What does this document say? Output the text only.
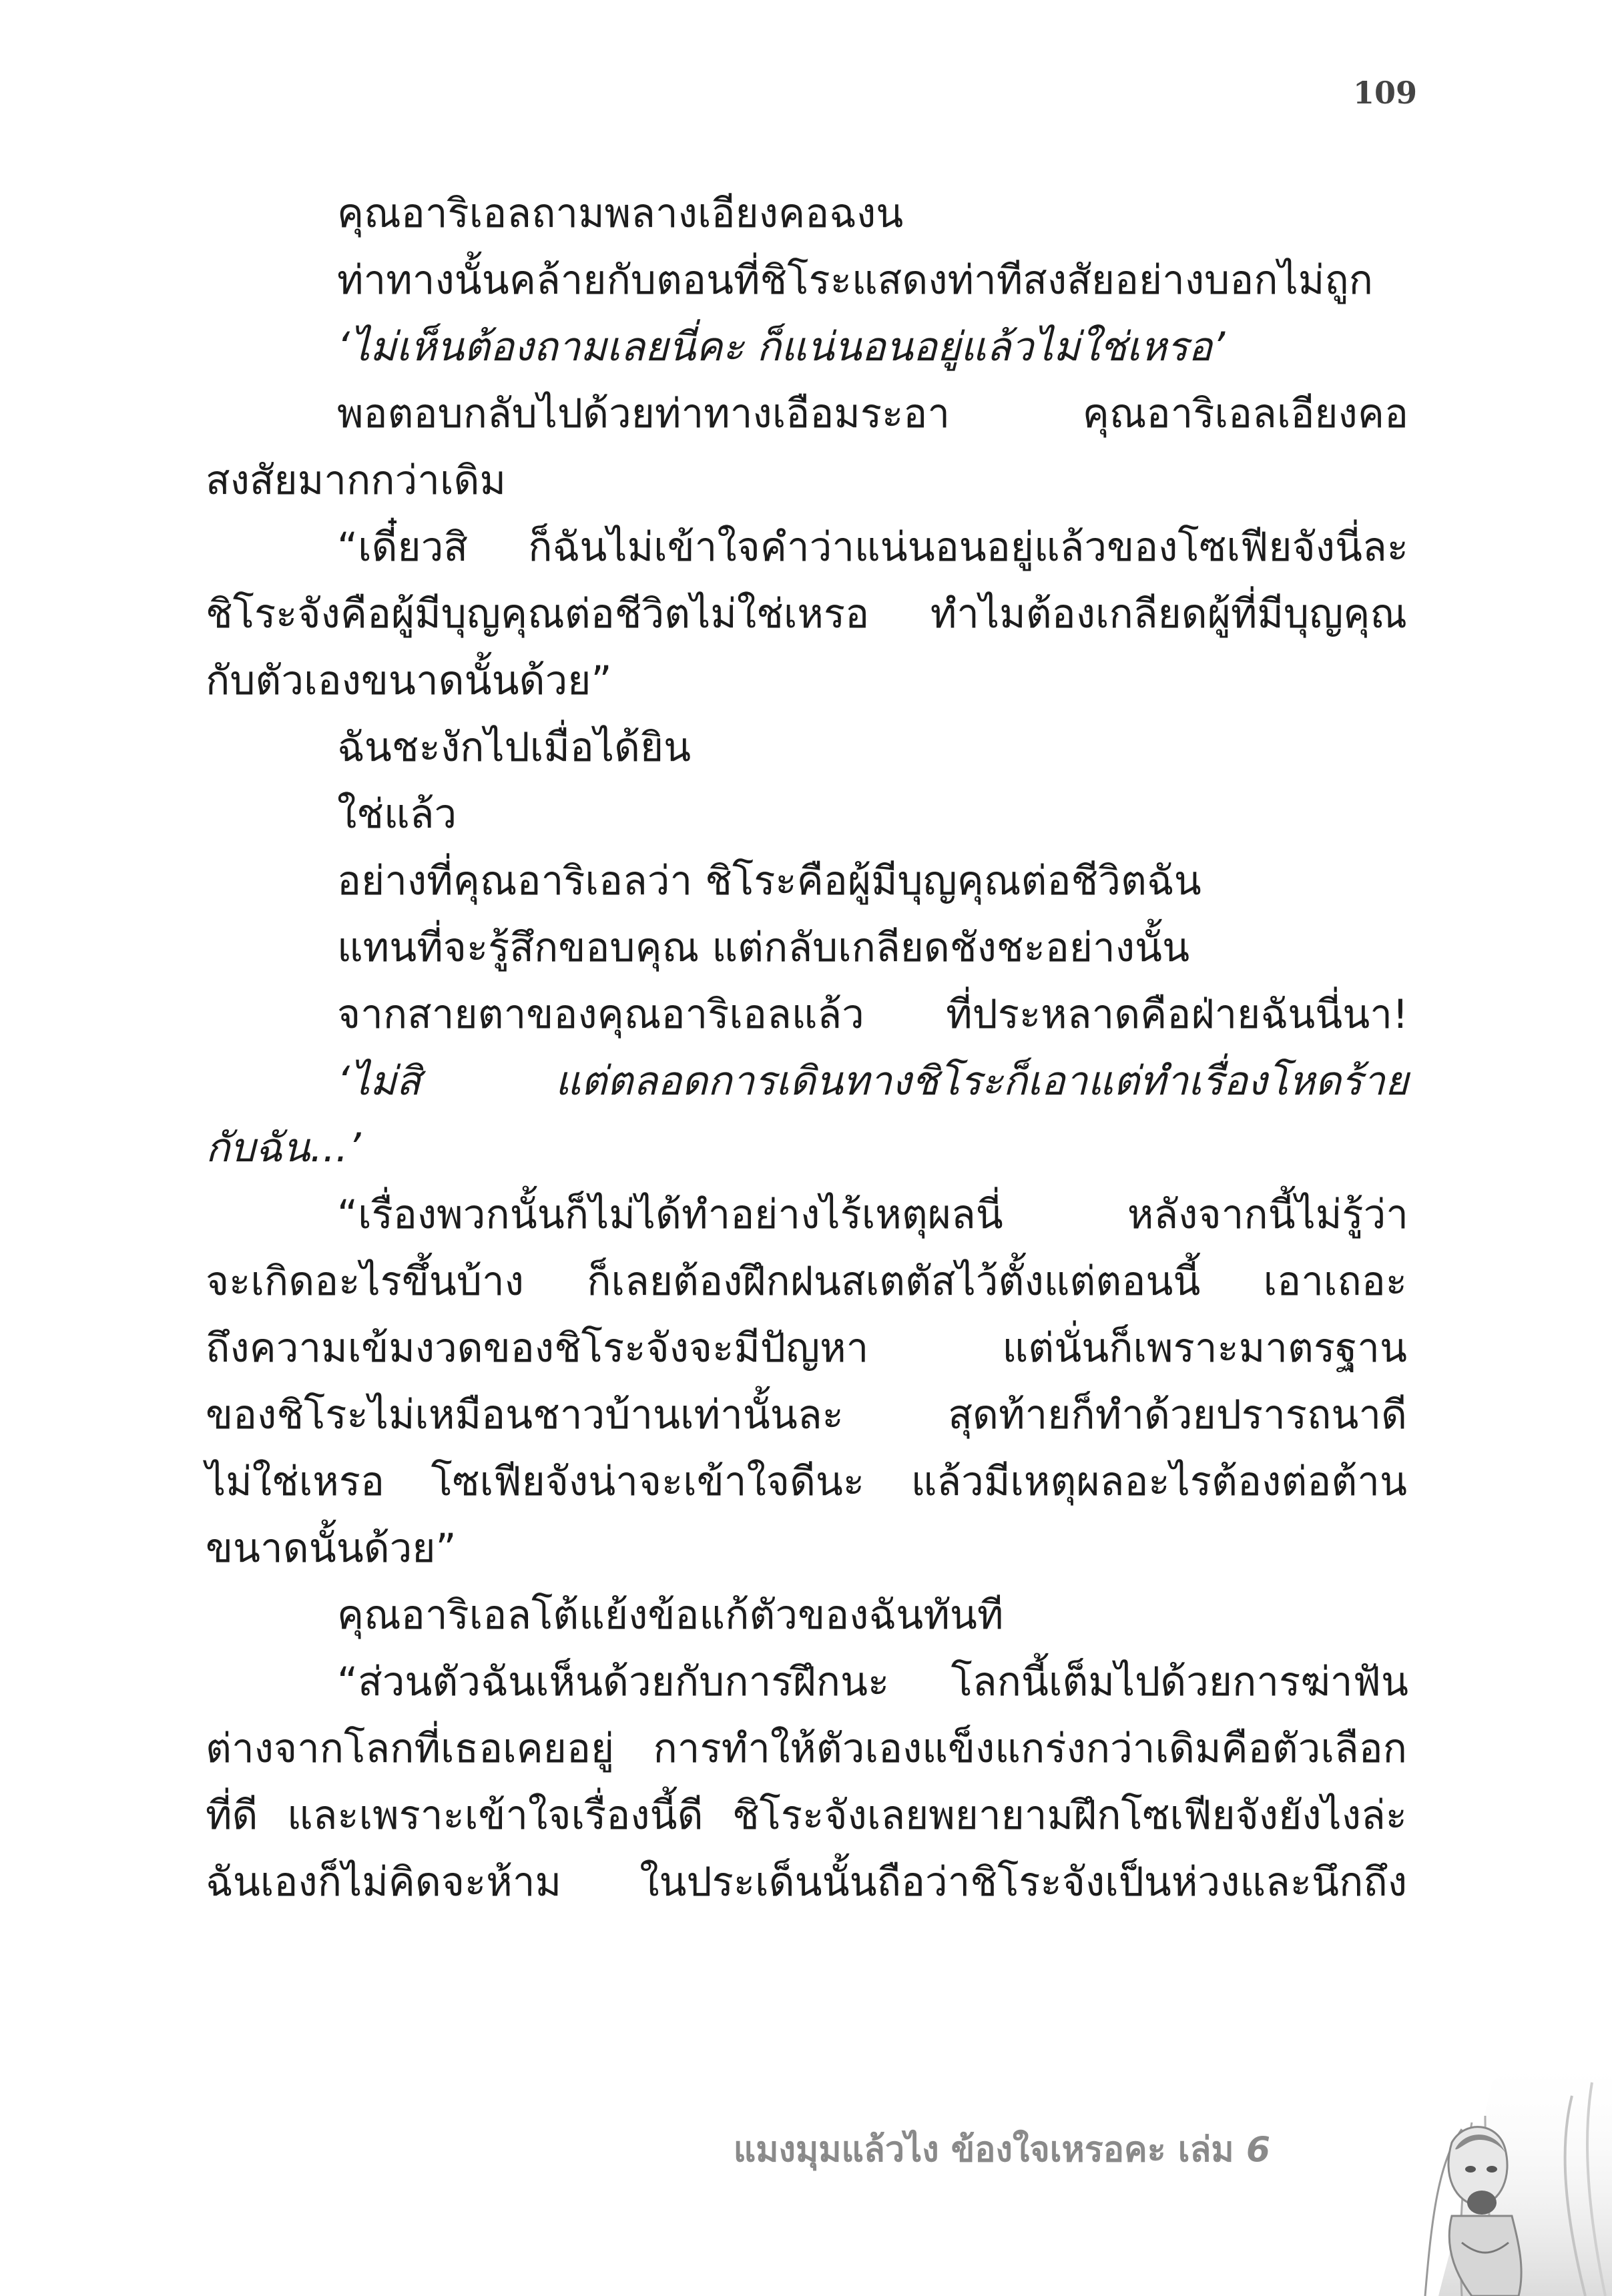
109
คุณอาริเอลถามพลางเอียงคอฉงน
ท่าทางนั้นคล้ายกับตอนที่ชิโระแสดงท่าทีสงสัยอย่างบอกไม่ถูก
‘ไม่เห็นต้องถามเลยนี่คะ ก็แน่นอนอยู่แล้วไม่ใช่เหรอ’
พอตอบกลับไปด้วยท่าทางเอือมระอา คุณอาริเอลเอียงคอ
สงสัยมากกว่าเดิม
“เดี๋ยวสิ ก็ฉันไม่เข้าใจคำว่าแน่นอนอยู่แล้วของโซเฟียจังนี่ละ
ชิโระจังคือผู้มีบุญคุณต่อชีวิตไม่ใช่เหรอ ทำไมต้องเกลียดผู้ที่มีบุญคุณ
กับตัวเองขนาดนั้นด้วย”
ฉันชะงักไปเมื่อได้ยิน
ใช่แล้ว
อย่างที่คุณอาริเอลว่า ชิโระคือผู้มีบุญคุณต่อชีวิตฉัน
แทนที่จะรู้สึกขอบคุณ แต่กลับเกลียดชังชะอย่างนั้น
จากสายตาของคุณอาริเอลแล้ว ที่ประหลาดคือฝ่ายฉันนี่นา!
‘ไม่สิ แต่ตลอดการเดินทางชิโระก็เอาแต่ทำเรื่องโหดร้าย
กับฉัน...’
“เรื่องพวกนั้นก็ไม่ได้ทำอย่างไร้เหตุผลนี่ หลังจากนี้ไม่รู้ว่า
จะเกิดอะไรขึ้นบ้าง ก็เลยต้องฝึกฝนสเตตัสไว้ตั้งแต่ตอนนี้ เอาเถอะ
ถึงความเข้มงวดของชิโระจังจะมีปัญหา แต่นั่นก็เพราะมาตรฐาน
ของชิโระไม่เหมือนชาวบ้านเท่านั้นละ สุดท้ายก็ทำด้วยปรารถนาดี
ไม่ใช่เหรอ โซเฟียจังน่าจะเข้าใจดีนะ แล้วมีเหตุผลอะไรต้องต่อต้าน
ขนาดนั้นด้วย”
คุณอาริเอลโต้แย้งข้อแก้ตัวของฉันทันที
“ส่วนตัวฉันเห็นด้วยกับการฝึกนะ โลกนี้เต็มไปด้วยการฆ่าฟัน
ต่างจากโลกที่เธอเคยอยู่ การทำให้ตัวเองแข็งแกร่งกว่าเดิมคือตัวเลือก
ที่ดี และเพราะเข้าใจเรื่องนี้ดี ชิโระจังเลยพยายามฝึกโซเฟียจังยังไงล่ะ
ฉันเองก็ไม่คิดจะห้าม ในประเด็นนั้นถือว่าชิโระจังเป็นห่วงและนึกถึง
แมงมุมแล้วไง ข้องใจเหรอคะ เล่ม 6
